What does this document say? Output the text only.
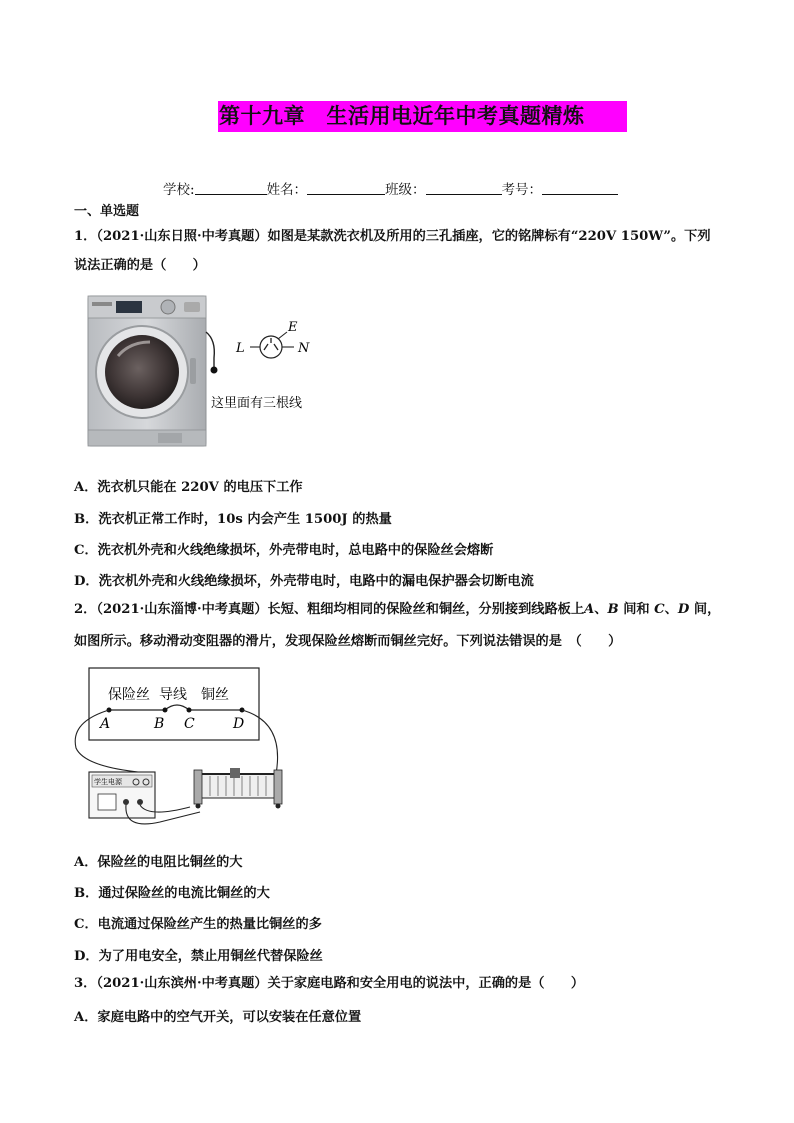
第十九章　生活用电近年中考真题精炼
学校:	姓名：	班级：	考号：
一、单选题
1．（2021·山东日照·中考真题）如图是某款洗衣机及所用的三孔插座，它的铭牌标有“220V 150W”。下列
说法正确的是（　　）
E
L	N
这里面有三根线
A．洗衣机只能在 220V 的电压下工作
B．洗衣机正常工作时，10s 内会产生 1500J 的热量
C．洗衣机外壳和火线绝缘损坏，外壳带电时，总电路中的保险丝会熔断
D．洗衣机外壳和火线绝缘损坏，外壳带电时，电路中的漏电保护器会切断电流
2．（2021·山东淄博·中考真题）长短、粗细均相同的保险丝和铜丝，分别接到线路板上A、B 间和 C、D 间，
如图所示。移动滑动变阻器的滑片，发现保险丝熔断而铜丝完好。下列说法错误的是　（　　）
保险丝 导线 铜丝
A	B C	D
学生电源
A．保险丝的电阻比铜丝的大
B．通过保险丝的电流比铜丝的大
C．电流通过保险丝产生的热量比铜丝的多
D．为了用电安全，禁止用铜丝代替保险丝
3．（2021·山东滨州·中考真题）关于家庭电路和安全用电的说法中，正确的是（　　）
A．家庭电路中的空气开关，可以安装在任意位置
